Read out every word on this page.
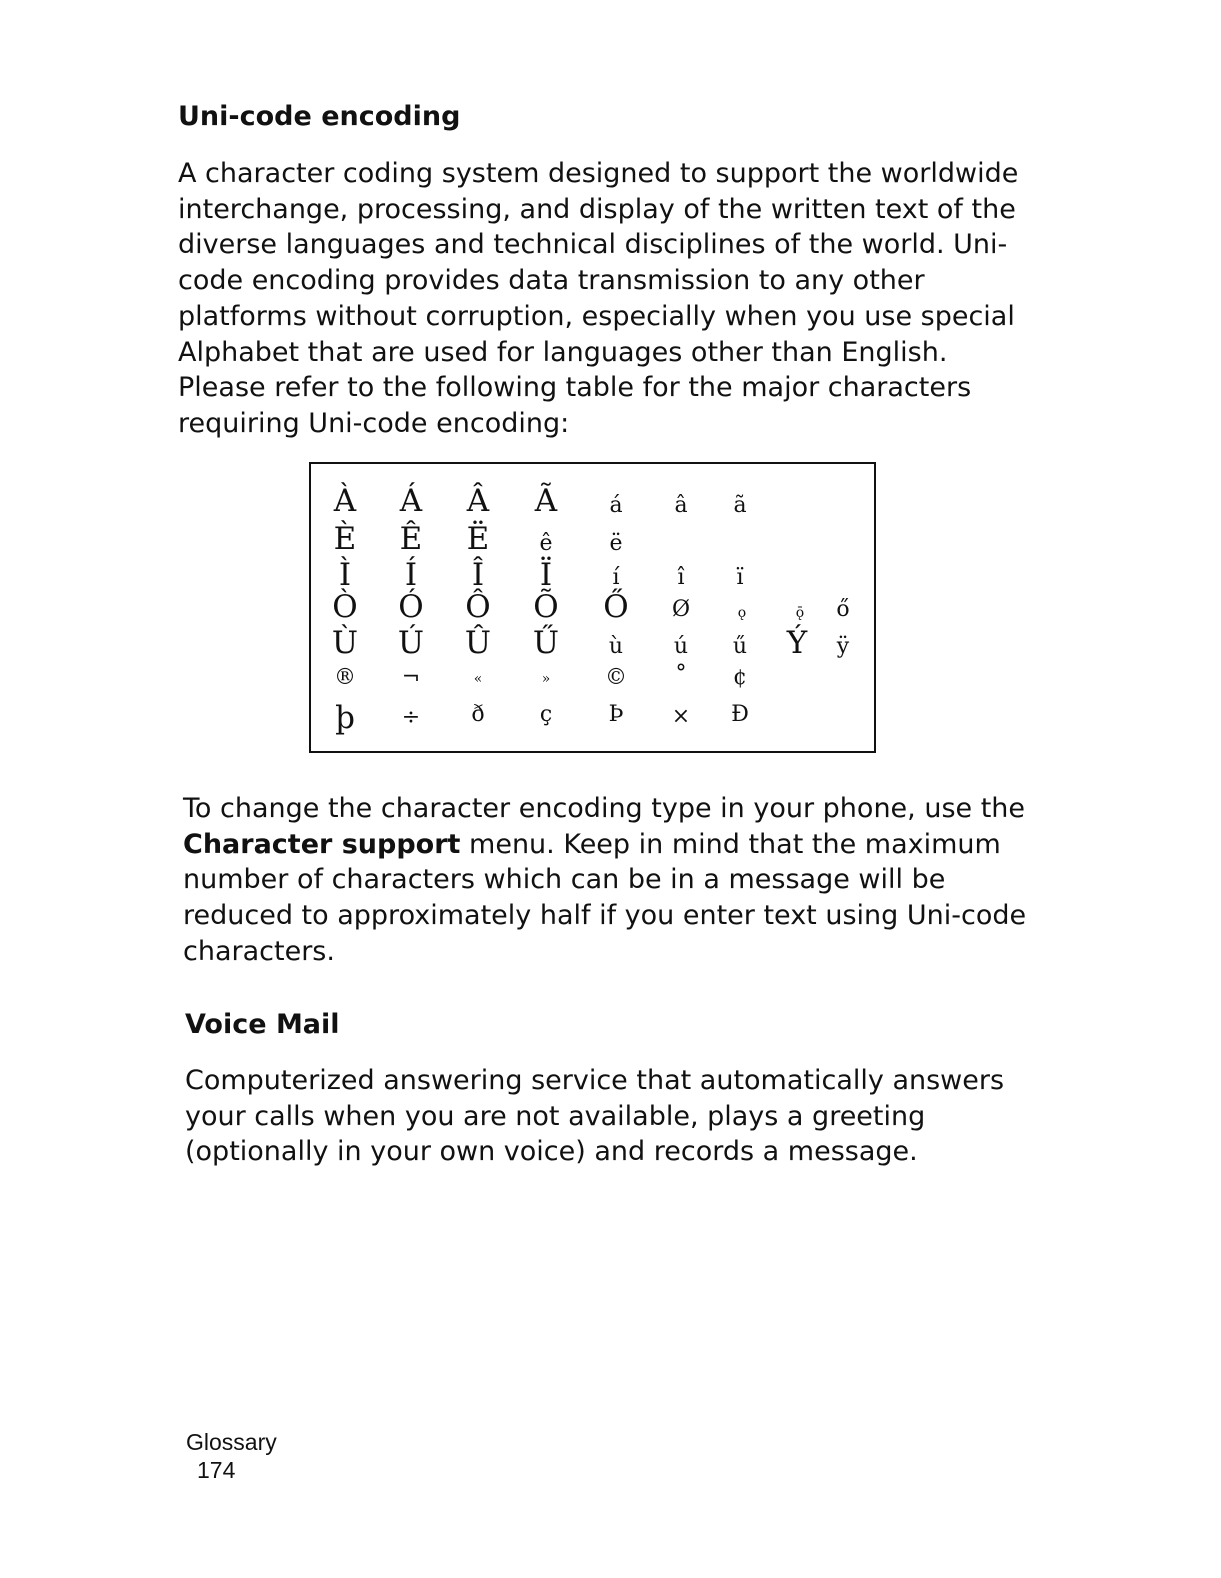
Uni-code encoding

A character coding system designed to support the worldwide
interchange, processing, and display of the written text of the
diverse languages and technical disciplines of the world. Uni-
code encoding provides data transmission to any other
platforms without corruption, especially when you use special
Alphabet that are used for languages other than English.
Please refer to the following table for the major characters
requiring Uni-code encoding:

À	Á	Â	Ã	á	â	ã
È	Ê	Ë	ê	ë
Ì	Í	Î	Ï	í	î	ï
Ò Ó Ô Õ Ő	Ø	ǫ	ǭ	ő
Ù Ú Û Ű	ù	ú	ű	Ý	ÿ
®	¬	«	»	©	°	¢
þ	÷	ð	ç	Þ	×	Đ

To change the character encoding type in your phone, use the
Character support menu. Keep in mind that the maximum
number of characters which can be in a message will be
reduced to approximately half if you enter text using Uni-code
characters.

Voice Mail

Computerized answering service that automatically answers
your calls when you are not available, plays a greeting
(optionally in your own voice) and records a message.

Glossary
174
